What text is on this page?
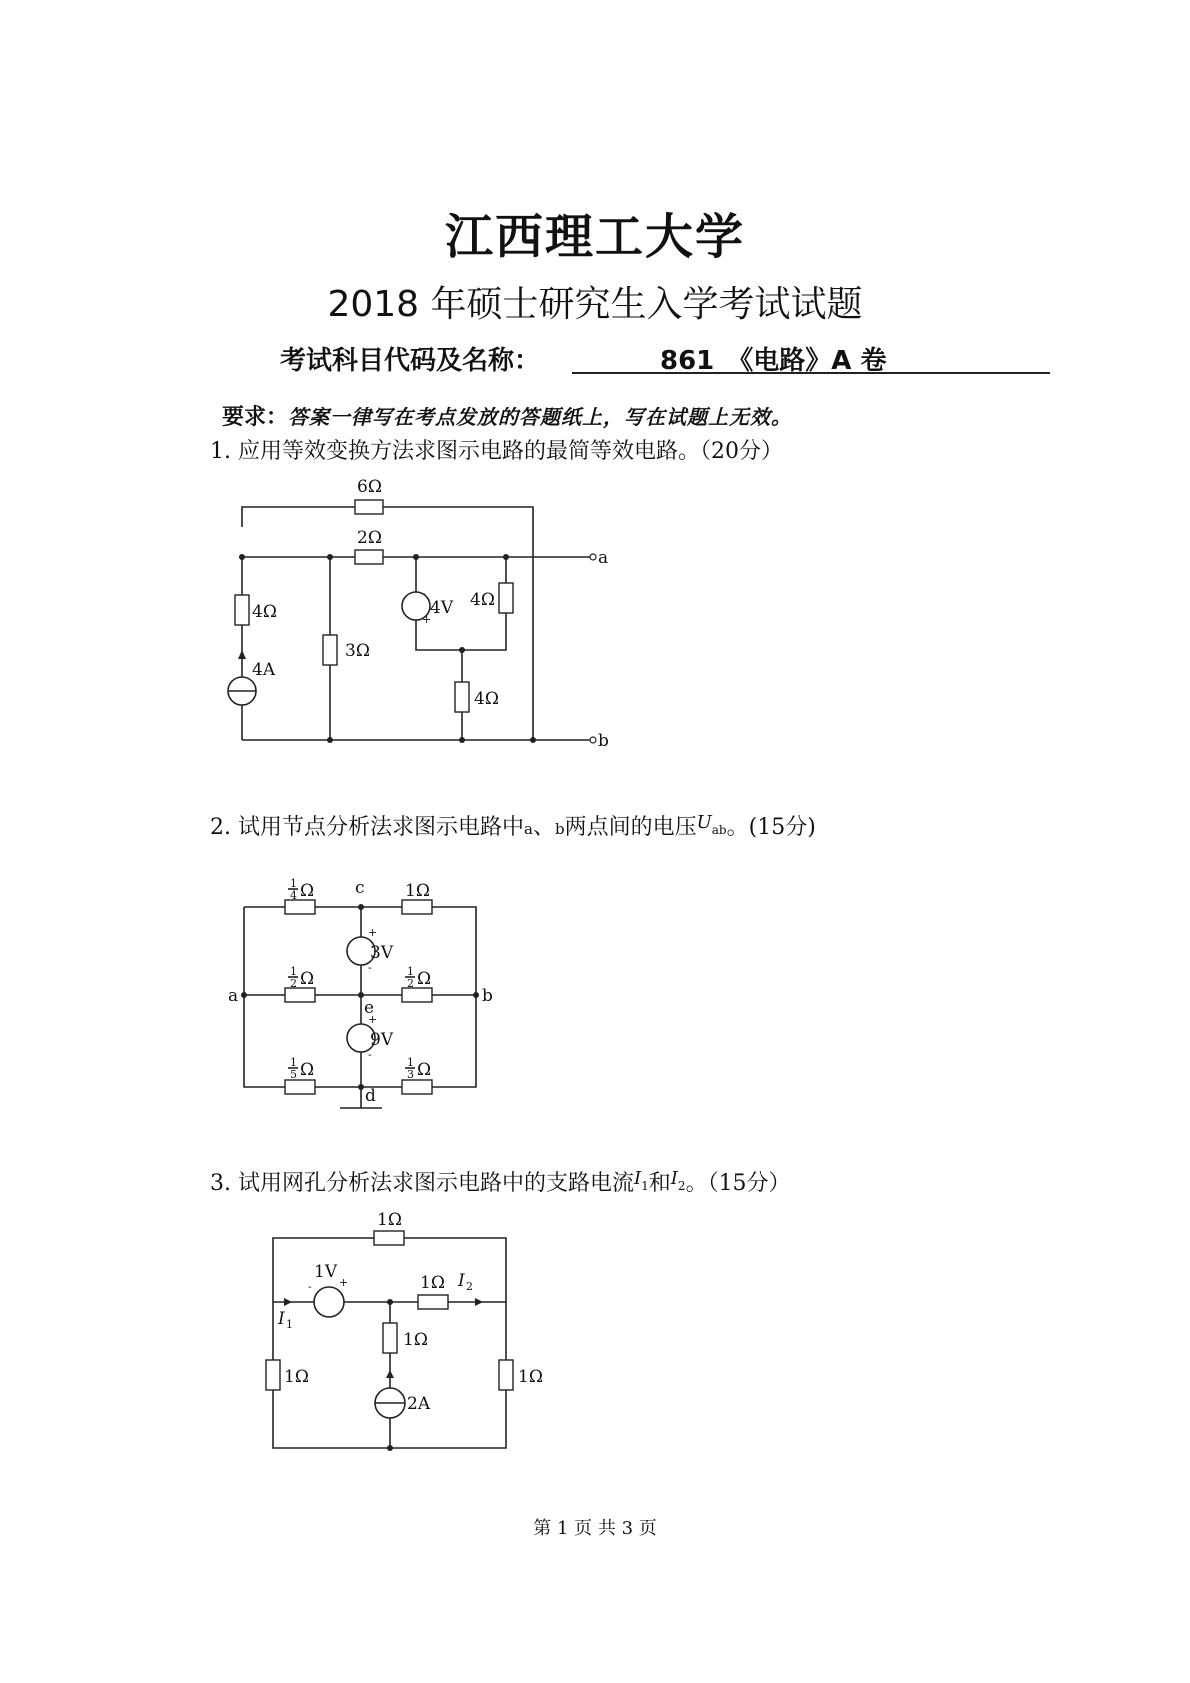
江西理工大学
2018 年硕士研究生入学考试试题
考试科目代码及名称：	861　《电路》A 卷
要求：答案一律写在考点发放的答题纸上，写在试题上无效。
1. 应用等效变换方法求图示电路的最简等效电路。（20分）
6Ω
2Ω
a
4Ω
4A
3Ω
-
+
4V 4Ω
4Ω
b
2. 试用节点分析法求图示电路中a、b两点间的电压$^U$ab。(15分)
1
4 Ω	1Ω
1
2 Ω	1
2 Ω
1
5 Ω	1
3 Ω
+
-
3V
+
-
9V
c
a	b
e
d
3. 试用网孔分析法求图示电路中的支路电流$^I$1和$^I$2。（15分）
1Ω
1V
+
-	1Ω
I 1
I 2
1Ω
2A
1Ω	1Ω
第 1 页 共 3 页
